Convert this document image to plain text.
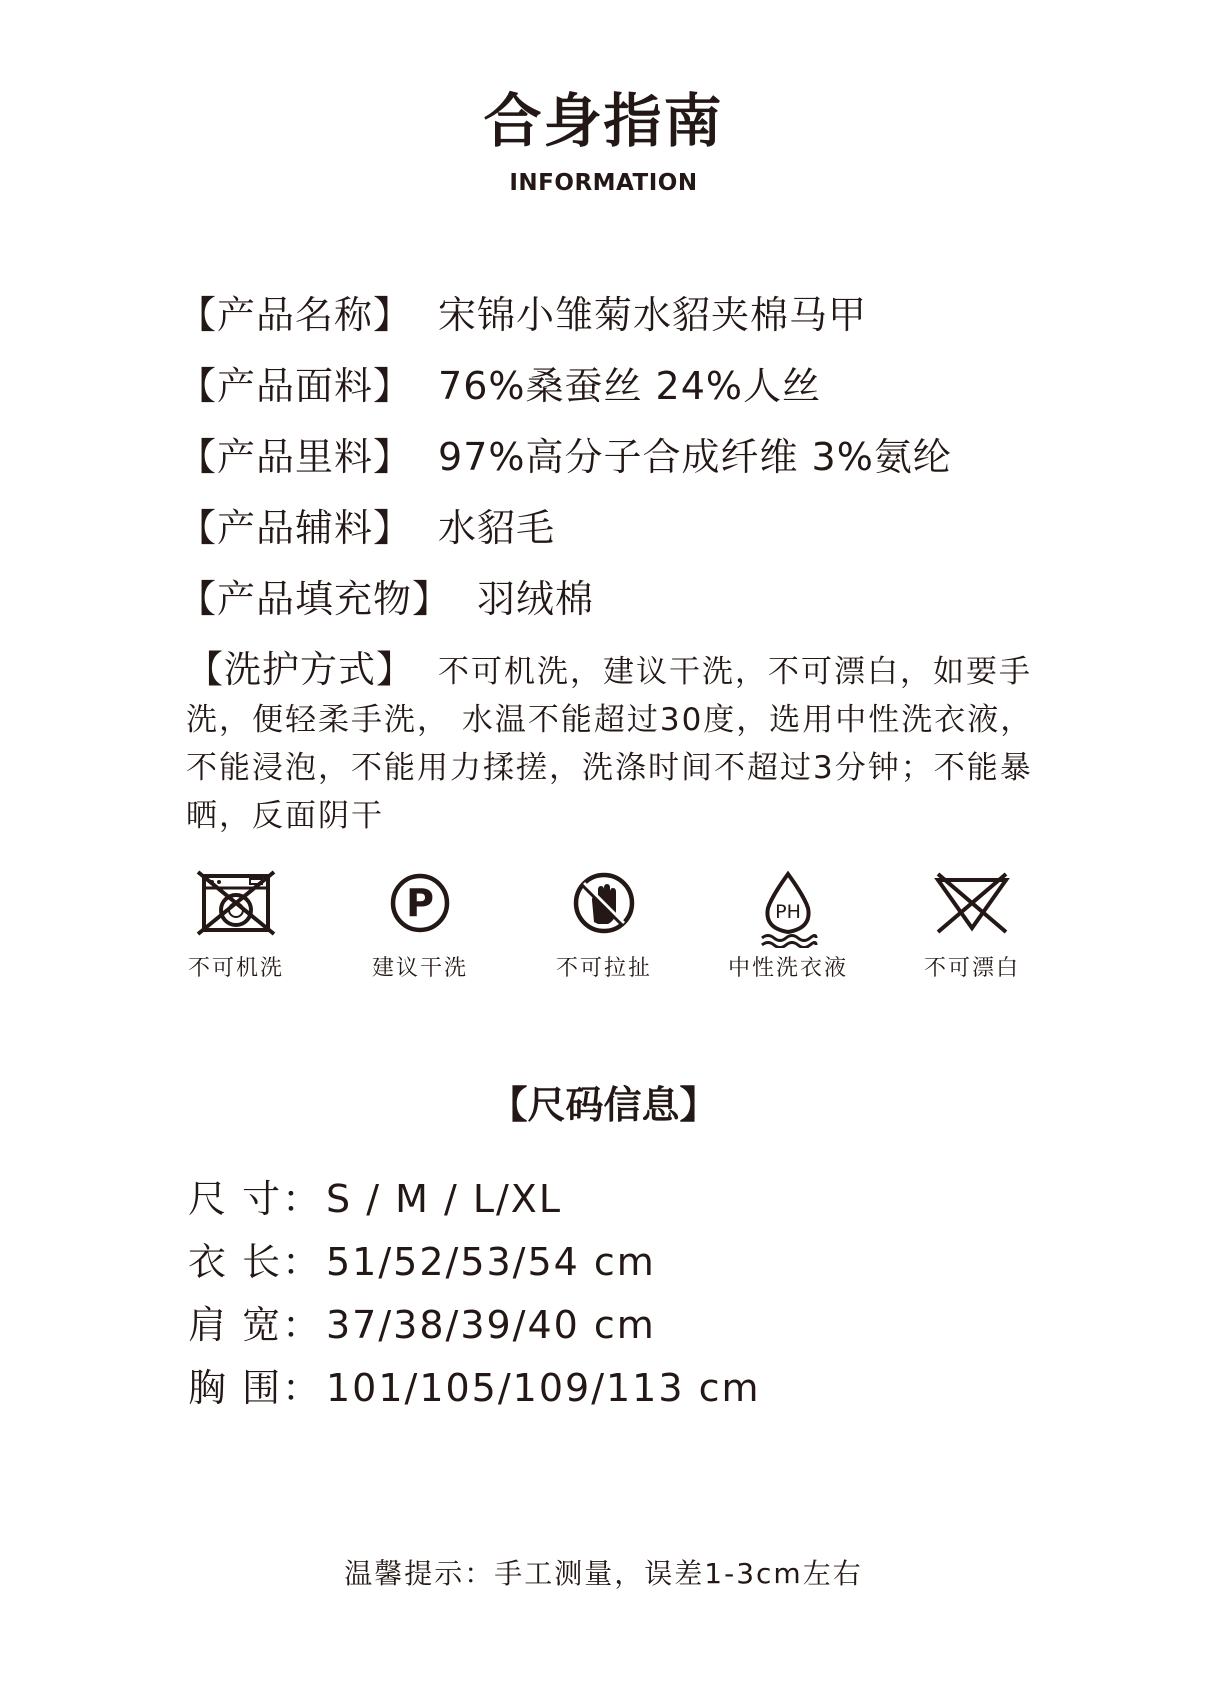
合身指南
INFORMATION
【产品名称】 宋锦小雏菊水貂夹棉马甲
【产品面料】 76%桑蚕丝 24%人丝
【产品里料】 97%高分子合成纤维 3%氨纶
【产品辅料】 水貂毛
【产品填充物】 羽绒棉
【洗护方式】 不可机洗，建议干洗，不可漂白，如要手洗，便轻柔手洗， 水温不能超过30度，选用中性洗衣液，不能浸泡，不能用力揉搓，洗涤时间不超过3分钟；不能暴晒，反面阴干
不可机洗
P
建议干洗	不可拉扯
PH
中性洗衣液	不可漂白
【尺码信息】
尺 寸： S / M / L/XL
衣 长： 51/52/53/54 cm
肩 宽： 37/38/39/40 cm
胸 围： 101/105/109/113 cm
温馨提示：手工测量，误差1-3cm左右
